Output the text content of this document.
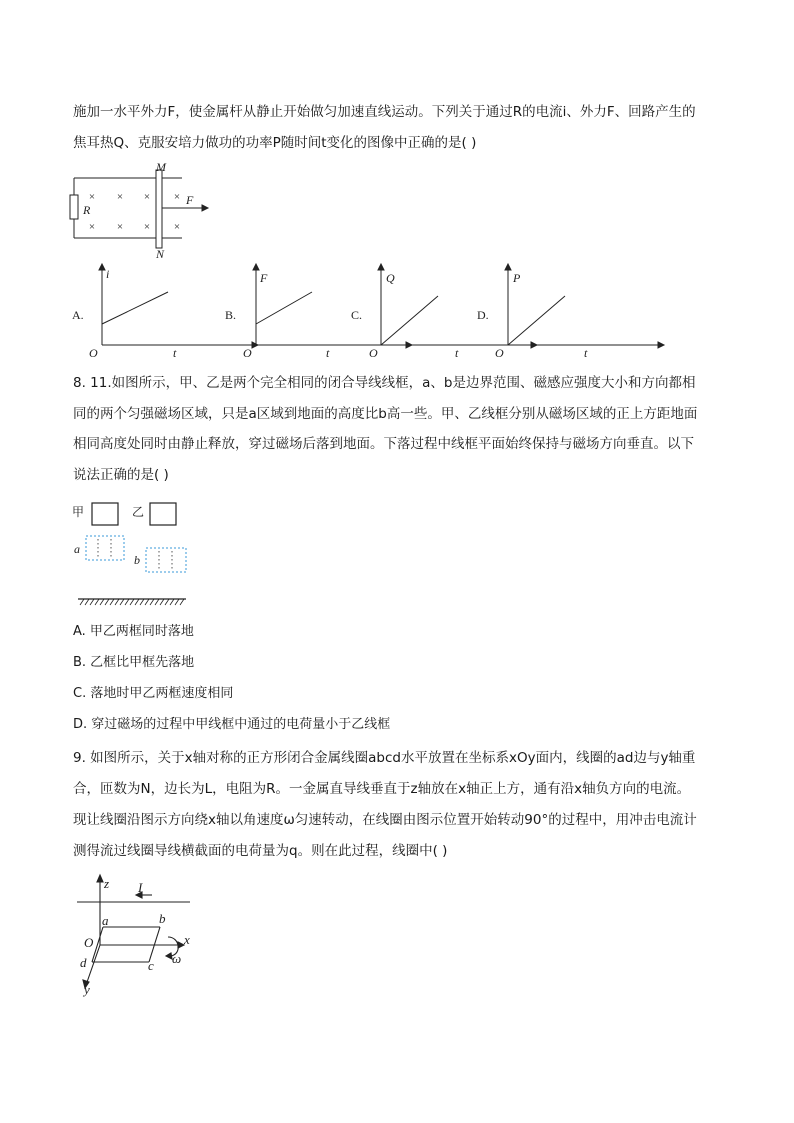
施加一水平外力F，使金属杆从静止开始做匀加速直线运动。下列关于通过R的电流i、外力F、回路产生的
焦耳热Q、克服安培力做功的功率P随时间t变化的图像中正确的是( )
× × × ×
× × × ×
R
M
N
F
A.
i
t
O
B.
F
t
O
C.
Q
t
O
D.
P
t
O
8. 11.如图所示，甲、乙是两个完全相同的闭合导线线框，a、b是边界范围、磁感应强度大小和方向都相
同的两个匀强磁场区域，只是a区域到地面的高度比b高一些。甲、乙线框分别从磁场区域的正上方距地面
相同高度处同时由静止释放，穿过磁场后落到地面。下落过程中线框平面始终保持与磁场方向垂直。以下
说法正确的是( )
甲	乙
a
b
A. 甲乙两框同时落地
B. 乙框比甲框先落地
C. 落地时甲乙两框速度相同
D. 穿过磁场的过程中甲线框中通过的电荷量小于乙线框
9. 如图所示，关于x轴对称的正方形闭合金属线圈abcd水平放置在坐标系xOy面内，线圈的ad边与y轴重
合，匝数为N，边长为L，电阻为R。一金属直导线垂直于z轴放在x轴正上方，通有沿x轴负方向的电流。
现让线圈沿图示方向绕x轴以角速度ω匀速转动，在线圈由图示位置开始转动90°的过程中，用冲击电流计
测得流过线圈导线横截面的电荷量为q。则在此过程，线圈中( )
z I
a	b
O	x
d	c ω
y
